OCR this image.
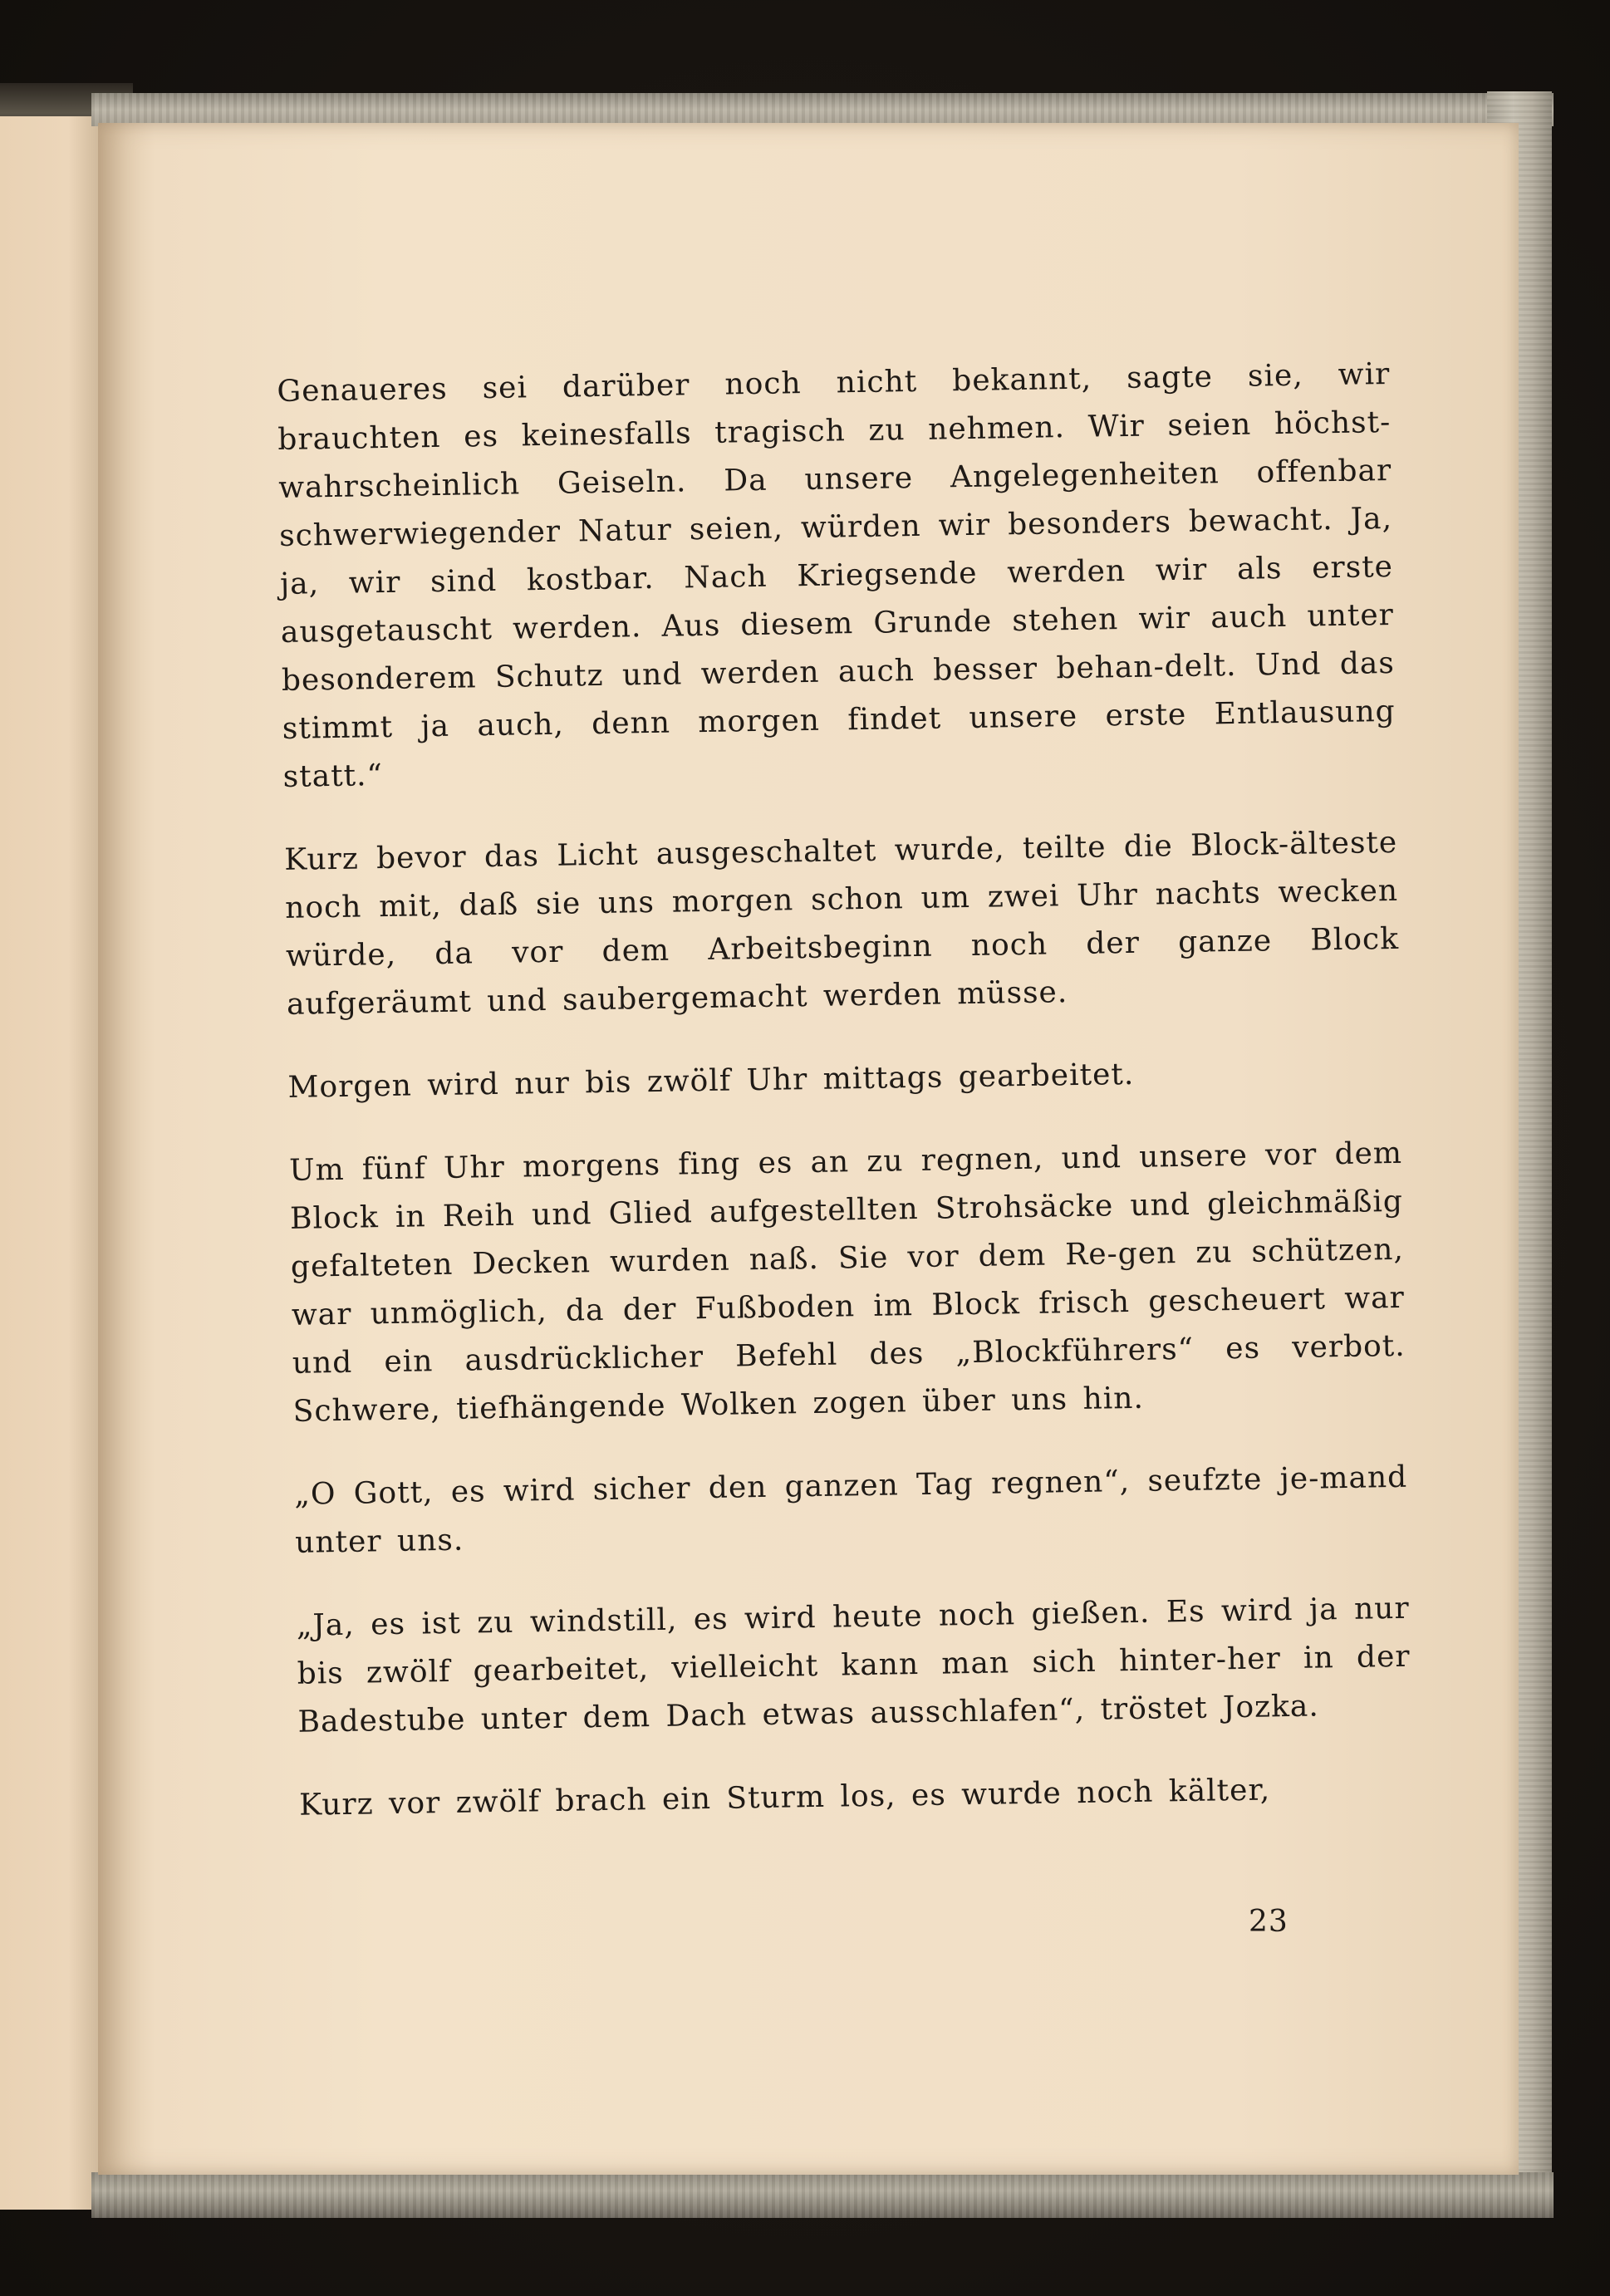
Genaueres sei darüber noch nicht bekannt, sagte sie, wir brauchten es keinesfalls tragisch zu nehmen. Wir seien höchst-wahrscheinlich Geiseln. Da unsere Angelegenheiten offenbar schwerwiegender Natur seien, würden wir besonders bewacht. Ja, ja, wir sind kostbar. Nach Kriegsende werden wir als erste ausgetauscht werden. Aus diesem Grunde stehen wir auch unter besonderem Schutz und werden auch besser behan-delt. Und das stimmt ja auch, denn morgen findet unsere erste Entlausung statt.“

Kurz bevor das Licht ausgeschaltet wurde, teilte die Block-älteste noch mit, daß sie uns morgen schon um zwei Uhr nachts wecken würde, da vor dem Arbeitsbeginn noch der ganze Block aufgeräumt und saubergemacht werden müsse.

Morgen wird nur bis zwölf Uhr mittags gearbeitet.

Um fünf Uhr morgens fing es an zu regnen, und unsere vor dem Block in Reih und Glied aufgestellten Strohsäcke und gleichmäßig gefalteten Decken wurden naß. Sie vor dem Re-gen zu schützen, war unmöglich, da der Fußboden im Block frisch gescheuert war und ein ausdrücklicher Befehl des „Blockführers“ es verbot. Schwere, tiefhängende Wolken zogen über uns hin.

„O Gott, es wird sicher den ganzen Tag regnen“, seufzte je-mand unter uns.

„Ja, es ist zu windstill, es wird heute noch gießen. Es wird ja nur bis zwölf gearbeitet, vielleicht kann man sich hinter-her in der Badestube unter dem Dach etwas ausschlafen“, tröstet Jozka.

Kurz vor zwölf brach ein Sturm los, es wurde noch kälter,

23
